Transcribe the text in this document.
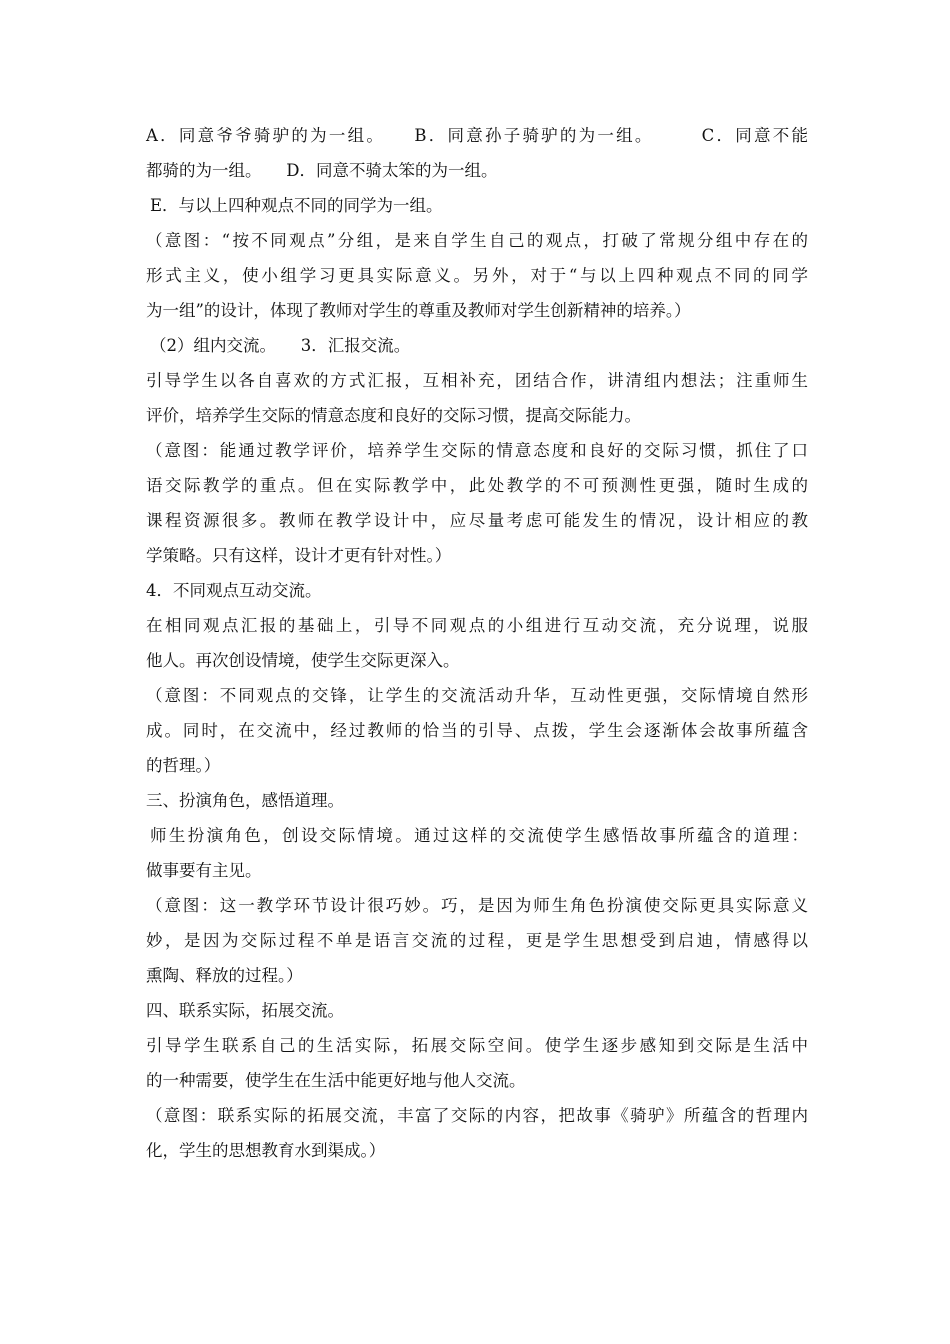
A．同意爷爷骑驴的为一组。　　B．同意孙子骑驴的为一组。　　　C．同意不能
都骑的为一组。　　D．同意不骑太笨的为一组。
E．与以上四种观点不同的同学为一组。
（意图：“按不同观点”分组，是来自学生自己的观点，打破了常规分组中存在的
形式主义，使小组学习更具实际意义。另外，对于“与以上四种观点不同的同学
为一组”的设计，体现了教师对学生的尊重及教师对学生创新精神的培养。）
（2）组内交流。　　3．汇报交流。
引导学生以各自喜欢的方式汇报，互相补充，团结合作，讲清组内想法；注重师生
评价，培养学生交际的情意态度和良好的交际习惯，提高交际能力。
（意图：能通过教学评价，培养学生交际的情意态度和良好的交际习惯，抓住了口
语交际教学的重点。但在实际教学中，此处教学的不可预测性更强，随时生成的
课程资源很多。教师在教学设计中，应尽量考虑可能发生的情况，设计相应的教
学策略。只有这样，设计才更有针对性。）
4．不同观点互动交流。
在相同观点汇报的基础上，引导不同观点的小组进行互动交流，充分说理，说服
他人。再次创设情境，使学生交际更深入。
（意图：不同观点的交锋，让学生的交流活动升华，互动性更强，交际情境自然形
成。同时，在交流中，经过教师的恰当的引导、点拨，学生会逐渐体会故事所蕴含
的哲理。）
三、扮演角色，感悟道理。
师生扮演角色，创设交际情境。通过这样的交流使学生感悟故事所蕴含的道理：
做事要有主见。
（意图：这一教学环节设计很巧妙。巧，是因为师生角色扮演使交际更具实际意义
妙，是因为交际过程不单是语言交流的过程，更是学生思想受到启迪，情感得以
熏陶、释放的过程。）
四、联系实际，拓展交流。
引导学生联系自己的生活实际，拓展交际空间。使学生逐步感知到交际是生活中
的一种需要，使学生在生活中能更好地与他人交流。
（意图：联系实际的拓展交流，丰富了交际的内容，把故事《骑驴》所蕴含的哲理内
化，学生的思想教育水到渠成。）
